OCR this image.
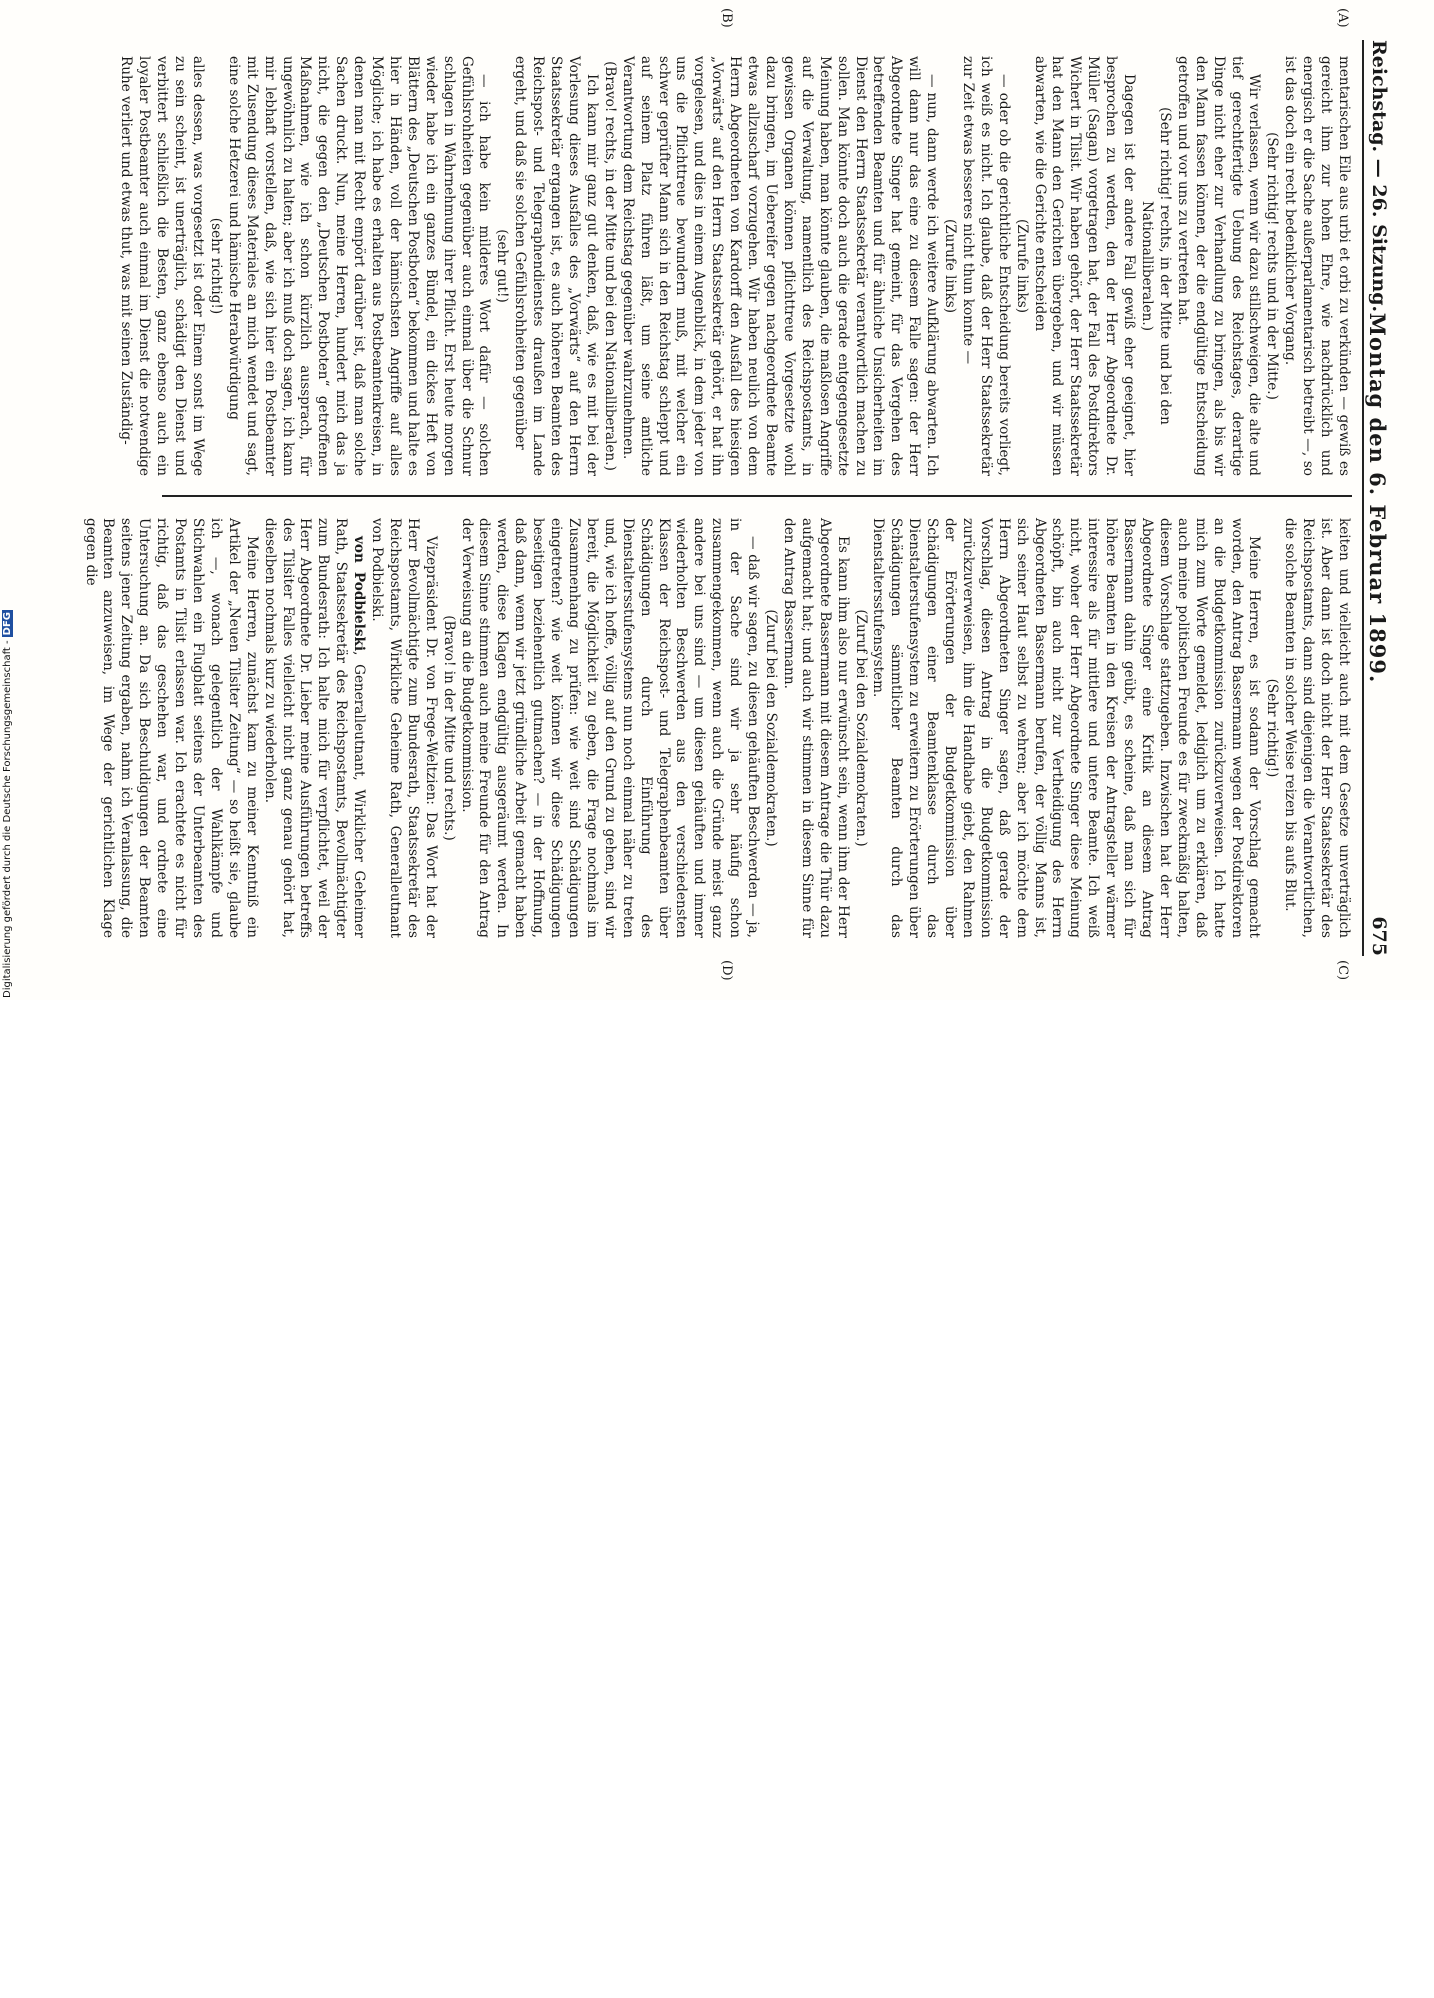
Reichstag. — 26. Sitzung.
Montag den 6. Februar 1899.
675
(A)
(B)
(C)
(D)

mentarischen Eile aus urbi et orbi zu verkünden — gewiß es gereicht ihm zur hohen Ehre, wie nachdrücklich und energisch er die Sache außerparlamentarisch betreibt —, so ist das doch ein recht bedenklicher Vorgang.

(Sehr richtig! rechts und in der Mitte.)

Wir verlassen, wenn wir dazu stillschweigen, die alte und tief gerechtfertigte Uebung des Reichstages, derartige Dinge nicht eher zur Verhandlung zu bringen, als bis wir den Mann fassen können, der die endgültige Entscheidung getroffen und vor uns zu vertreten hat.

(Sehr richtig! rechts, in der Mitte und bei den Nationalliberalen.)

Dagegen ist der andere Fall gewiß eher geeignet, hier besprochen zu werden, den der Herr Abgeordnete Dr. Müller (Sagan) vorgetragen hat, der Fall des Postdirektors Wichert in Tilsit. Wir haben gehört, der Herr Staatssekretär hat den Mann den Gerichten übergeben, und wir müssen abwarten, wie die Gerichte entscheiden

(Zurufe links)

— oder ob die gerichtliche Entscheidung bereits vorliegt, ich weiß es nicht. Ich glaube, daß der Herr Staatssekretär zur Zeit etwas besseres nicht thun konnte —

(Zurufe links)

— nun, dann werde ich weitere Aufklärung abwarten. Ich will dann nur das eine zu diesem Falle sagen: der Herr Abgeordnete Singer hat gemeint, für das Vergehen des betreffenden Beamten und für ähnliche Unsicherheiten im Dienst den Herrn Staatssekretär verantwortlich machen zu sollen. Man könnte doch auch die gerade entgegengesetzte Meinung haben, man könnte glauben, die maßlosen Angriffe auf die Verwaltung, namentlich des Reichspostamts, in gewissen Organen können pflichttreue Vorgesetzte wohl dazu bringen, im Uebereifer gegen nachgeordnete Beamte etwas allzuscharf vorzugehen. Wir haben neulich von dem Herrn Abgeordneten von Kardorff den Ausfall des hiesigen „Vorwärts“ auf den Herrn Staatssekretär gehört, er hat ihn vorgelesen, und dies in einem Augenblick, in dem jeder von uns die Pflichttreue bewundern muß, mit welcher ein schwer geprüfter Mann sich in den Reichstag schleppt und auf seinem Platz führen läßt, um seine amtliche Verantwortung dem Reichstag gegenüber wahrzunehmen.

(Bravo! rechts, in der Mitte und bei den Nationalliberalen.)

Ich kann mir ganz gut denken, daß, wie es mit bei der Vorlesung dieses Ausfalles des „Vorwärts“ auf den Herrn Staatssekretär ergangen ist, es auch höheren Beamten des Reichspost- und Telegraphendienstes draußen im Lande ergeht, und daß sie solchen Gefühlsrohheiten gegenüber

(sehr gut!)

— ich habe kein milderes Wort dafür — solchen Gefühlsrohheiten gegenüber auch einmal über die Schnur schlagen in Wahrnehmung ihrer Pflicht. Erst heute morgen wieder habe ich ein ganzes Bündel, ein dickes Heft von Blättern des „Deutschen Postboten“ bekommen und halte es hier in Händen, voll der hämischsten Angriffe auf alles Mögliche; ich habe es erhalten aus Postbeamtenkreisen, in denen man mit Recht empört darüber ist, daß man solche Sachen druckt. Nun, meine Herren, hundert mich das ja nicht, die gegen den „Deutschen Postboten“ getroffenen Maßnahmen, wie ich schon kürzlich aussprach, für ungewöhnlich zu halten; aber ich muß doch sagen, ich kann mir lebhaft vorstellen, daß, wie sich hier ein Postbeamter mit Zusendung dieses Materiales an mich wendet und sagt, eine solche Hetzerei und hämische Herabwürdigung

(sehr richtig!)

alles dessen, was vorgesetzt ist oder Einem sonst im Wege zu sein scheint, ist unerträglich, schädigt den Dienst und verbittert schließlich die Besten, ganz ebenso auch ein loyaler Postbeamter auch einmal im Dienst die notwendige Ruhe verliert und etwas thut, was mit seinen Zuständig-

keiten und vielleicht auch mit dem Gesetze unverträglich ist. Aber dann ist doch nicht der Herr Staatssekretär des Reichspostamts, dann sind diejenigen die Verantwortlichen, die solche Beamten in solcher Weise reizen bis aufs Blut.

(Sehr richtig!)

Meine Herren, es ist sodann der Vorschlag gemacht worden, den Antrag Bassermann wegen der Postdirektoren an die Budgetkommission zurückzuverweisen. Ich hatte mich zum Worte gemeldet, lediglich um zu erklären, daß auch meine politischen Freunde es für zweckmäßig halten, diesem Vorschlage stattzugeben. Inzwischen hat der Herr Abgeordnete Singer eine Kritik an diesem Antrag Bassermann dahin geübt, es scheine, daß man sich für höhere Beamten in den Kreisen der Antragsteller wärmer interessire als für mittlere und untere Beamte. Ich weiß nicht, woher der Herr Abgeordnete Singer diese Meinung schöpft, bin auch nicht zur Vertheidigung des Herrn Abgeordneten Bassermann berufen, der völlig Manns ist, sich seiner Haut selbst zu wehren; aber ich möchte dem Herrn Abgeordneten Singer sagen, daß gerade der Vorschlag, diesen Antrag in die Budgetkommission zurückzuverweisen, ihm die Handhabe giebt, den Rahmen der Erörterungen der Budgetkommission über Schädigungen einer Beamtenklasse durch das Dienstalterstufensystem zu erweitern zu Erörterungen über Schädigungen sämmtlicher Beamten durch das Dienstaltersstufensystem.

(Zuruf bei den Sozialdemokraten.)

Es kann ihm also nur erwünscht sein, wenn ihm der Herr Abgeordnete Bassermann mit diesem Antrage die Thür dazu aufgemacht hat; und auch wir stimmen in diesem Sinne für den Antrag Bassermann.

(Zuruf bei den Sozialdemokraten.)

— daß wir sagen, zu diesen gehäuften Beschwerden — ja, in der Sache sind wir ja sehr häufig schon zusammengekommen, wenn auch die Gründe meist ganz andere bei uns sind — um diesen gehäuften und immer wiederholten Beschwerden aus den verschiedensten Klassen der Reichspost- und Telegraphenbeamten über Schädigungen durch Einführung des Dienstaltersstufensystems nun noch einmal näher zu treten und, wie ich hoffe, völlig auf den Grund zu gehen, sind wir bereit, die Möglichkeit zu geben, die Frage nochmals im Zusammenhang zu prüfen: wie weit sind Schädigungen eingetreten? wie weit können wir diese Schädigungen beseitigen beziehentlich gutmachen? — in der Hoffnung, daß dann, wenn wir jetzt gründliche Arbeit gemacht haben werden, diese Klagen endgültig ausgeräumt werden. In diesem Sinne stimmen auch meine Freunde für den Antrag der Verweisung an die Budgetkommission.

(Bravo! in der Mitte und rechts.)

Vizepräsident Dr. von Frege-Weltzien: Das Wort hat der Herr Bevollmächtigte zum Bundesrath, Staatssekretär des Reichspostamts, Wirkliche Geheime Rath, Generalleutnant von Podbielski.

von Podbielski, Generalleutnant, Wirklicher Geheimer Rath, Staatssekretär des Reichspostamts, Bevollmächtigter zum Bundesrath: Ich halte mich für verpflichtet, weil der Herr Abgeordnete Dr. Lieber meine Ausführungen betreffs des Tilsiter Falles vielleicht nicht ganz genau gehört hat, dieselben nochmals kurz zu wiederholen.

Meine Herren, zunächst kam zu meiner Kenntniß ein Artikel der „Neuen Tilsiter Zeitung“ — so heißt sie, glaube ich —, wonach gelegentlich der Wahlkämpfe und Stichwahlen ein Flugblatt seitens der Unterbeamten des Postamts in Tilsit erlassen war. Ich erachtete es nicht für richtig, daß das geschehen war, und ordnete eine Untersuchung an. Da sich Beschuldigungen der Beamten seitens jener Zeitung ergaben, nahm ich Veranlassung, die Beamten anzuweisen, im Wege der gerichtlichen Klage gegen die

Digitalisierung gefördert durch die Deutsche Forschungsgemeinschaft -DFG
